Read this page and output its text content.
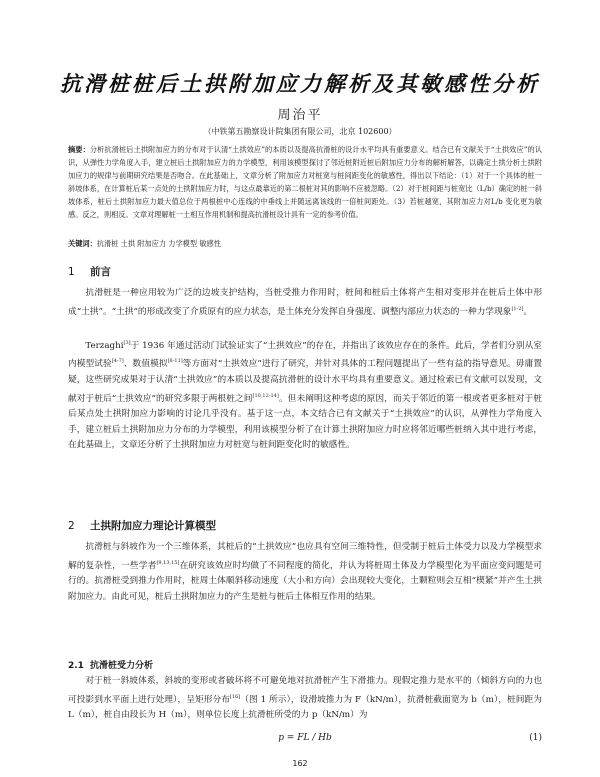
抗滑桩桩后土拱附加应力解析及其敏感性分析
周治平
（中铁第五勘察设计院集团有限公司，北京 102600）
摘要：分析抗滑桩后土拱附加应力的分布对于认清“土拱效应”的本质以及提高抗滑桩的设计水平均具有重要意义。结合已有文献关于“土拱效应”的认识，从弹性力学角度入手，建立桩后土拱附加应力的力学模型，利用该模型探讨了邻近桩附近桩后附加应力分布的解析解答，以确定土拱分析土拱附加应力的规律与前期研究结果是否吻合。在此基础上，文章分析了附加应力对桩宽与桩间距变化的敏感性，得出以下结论：（1）对于一个具体的桩一斜坡体系，在计算桩后某一点处的土拱附加应力时，与这点最靠近的第二根桩对其的影响不应被忽略。（2）对于桩间距与桩宽比（L/b）确定的桩一斜坡体系，桩后土拱附加应力最大值总位于两根桩中心连线的中垂线上并随远离该线的一倍桩间距处。（3）若桩越宽，其附加应力对L/b 变化更为敏感。反之，则相反。文章对理解桩一土相互作用机制和提高抗滑桩设计具有一定的参考价值。
关键词：抗滑桩 土拱 附加应力 力学模型 敏感性
1 前言
抗滑桩是一种应用较为广泛的边坡支护结构，当桩受推力作用时，桩间和桩后土体将产生相对变形并在桩后土体中形成“土拱”。“土拱”的形成改变了介质原有的应力状态，是土体充分发挥自身强度、调整内部应力状态的一种力学现象[1-2]。
Terzaghi[3]于 1936 年通过活动门试验证实了“土拱效应”的存在，并指出了该效应存在的条件。此后，学者们分别从室内模型试验[4-7]、数值模拟[8-11]等方面对“土拱效应”进行了研究，并针对具体的工程问题提出了一些有益的指导意见。毋庸置疑，这些研究成果对于认清“土拱效应”的本质以及提高抗滑桩的设计水平均具有重要意义。通过检索已有文献可以发现，文献对于桩后“土拱效应”的研究多限于两根桩之间[10,12-14]。但未阐明这种考虑的原因，而关于邻近的第一根或者更多桩对于桩后某点处土拱附加应力影响的讨论几乎没有。基于这一点，本文结合已有文献关于“土拱效应”的认识，从弹性力学角度入手，建立桩后土拱附加应力分布的力学模型，利用该模型分析了在计算土拱附加应力时应将邻近哪些桩纳入其中进行考虑，在此基础上，文章还分析了土拱附加应力对桩宽与桩间距变化时的敏感性。
2 土拱附加应力理论计算模型
抗滑桩与斜坡作为一个三维体系，其桩后的“土拱效应”也应具有空间三维特性，但受制于桩后土体受力以及力学模型求解的复杂性，一些学者[9,13,15]在研究该效应时均做了不同程度的简化，并认为将桩周土体及力学模型化为平面应变问题是可行的。抗滑桩受到推力作用时，桩周土体顺斜移动速度（大小和方向）会出现较大变化，土颗粒则会互相“楔紧”并产生土拱附加应力。由此可见，桩后土拱附加应力的产生是桩与桩后土体相互作用的结果。
2.1 抗滑桩受力分析
对于桩一斜坡体系，斜坡的变形或者破坏将不可避免地对抗滑桩产生下滑推力。现假定推力是水平的（倾斜方向的力也可投影到水平面上进行处理），呈矩形分布[16]（图 1 所示），设滑坡推力为 F（kN/m），抗滑桩截面宽为 b（m），桩间距为 L（m），桩自由段长为 H（m），则单位长度上抗滑桩所受的力 p（kN/m）为
p = FL / Hb	(1)
162
